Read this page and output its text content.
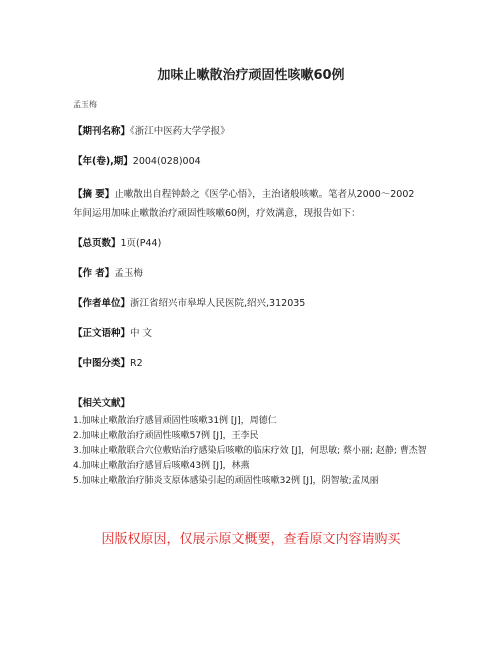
加味止嗽散治疗顽固性咳嗽60例
孟玉梅
【期刊名称】《浙江中医药大学学报》
【年(卷),期】2004(028)004
【摘 要】止嗽散出自程钟龄之《医学心悟》，主治诸般咳嗽。笔者从2000～2002年间运用加味止嗽散治疗顽固性咳嗽60例，疗效满意，现报告如下：
【总页数】1页(P44)
【作 者】孟玉梅
【作者单位】浙江省绍兴市皋埠人民医院,绍兴,312035
【正文语种】中 文
【中图分类】R2
【相关文献】
1.加味止嗽散治疗感冒顽固性咳嗽31例 [J]，周德仁
2.加味止嗽散治疗顽固性咳嗽57例 [J]，王李民
3.加味止嗽散联合穴位敷贴治疗感染后咳嗽的临床疗效 [J]，何思敏; 蔡小丽; 赵静; 曹杰智
4.加味止嗽散治疗感冒后咳嗽43例 [J]，林燕
5.加味止嗽散治疗肺炎支原体感染引起的顽固性咳嗽32例 [J]，阴智敏;孟凤丽
因版权原因，仅展示原文概要，查看原文内容请购买
